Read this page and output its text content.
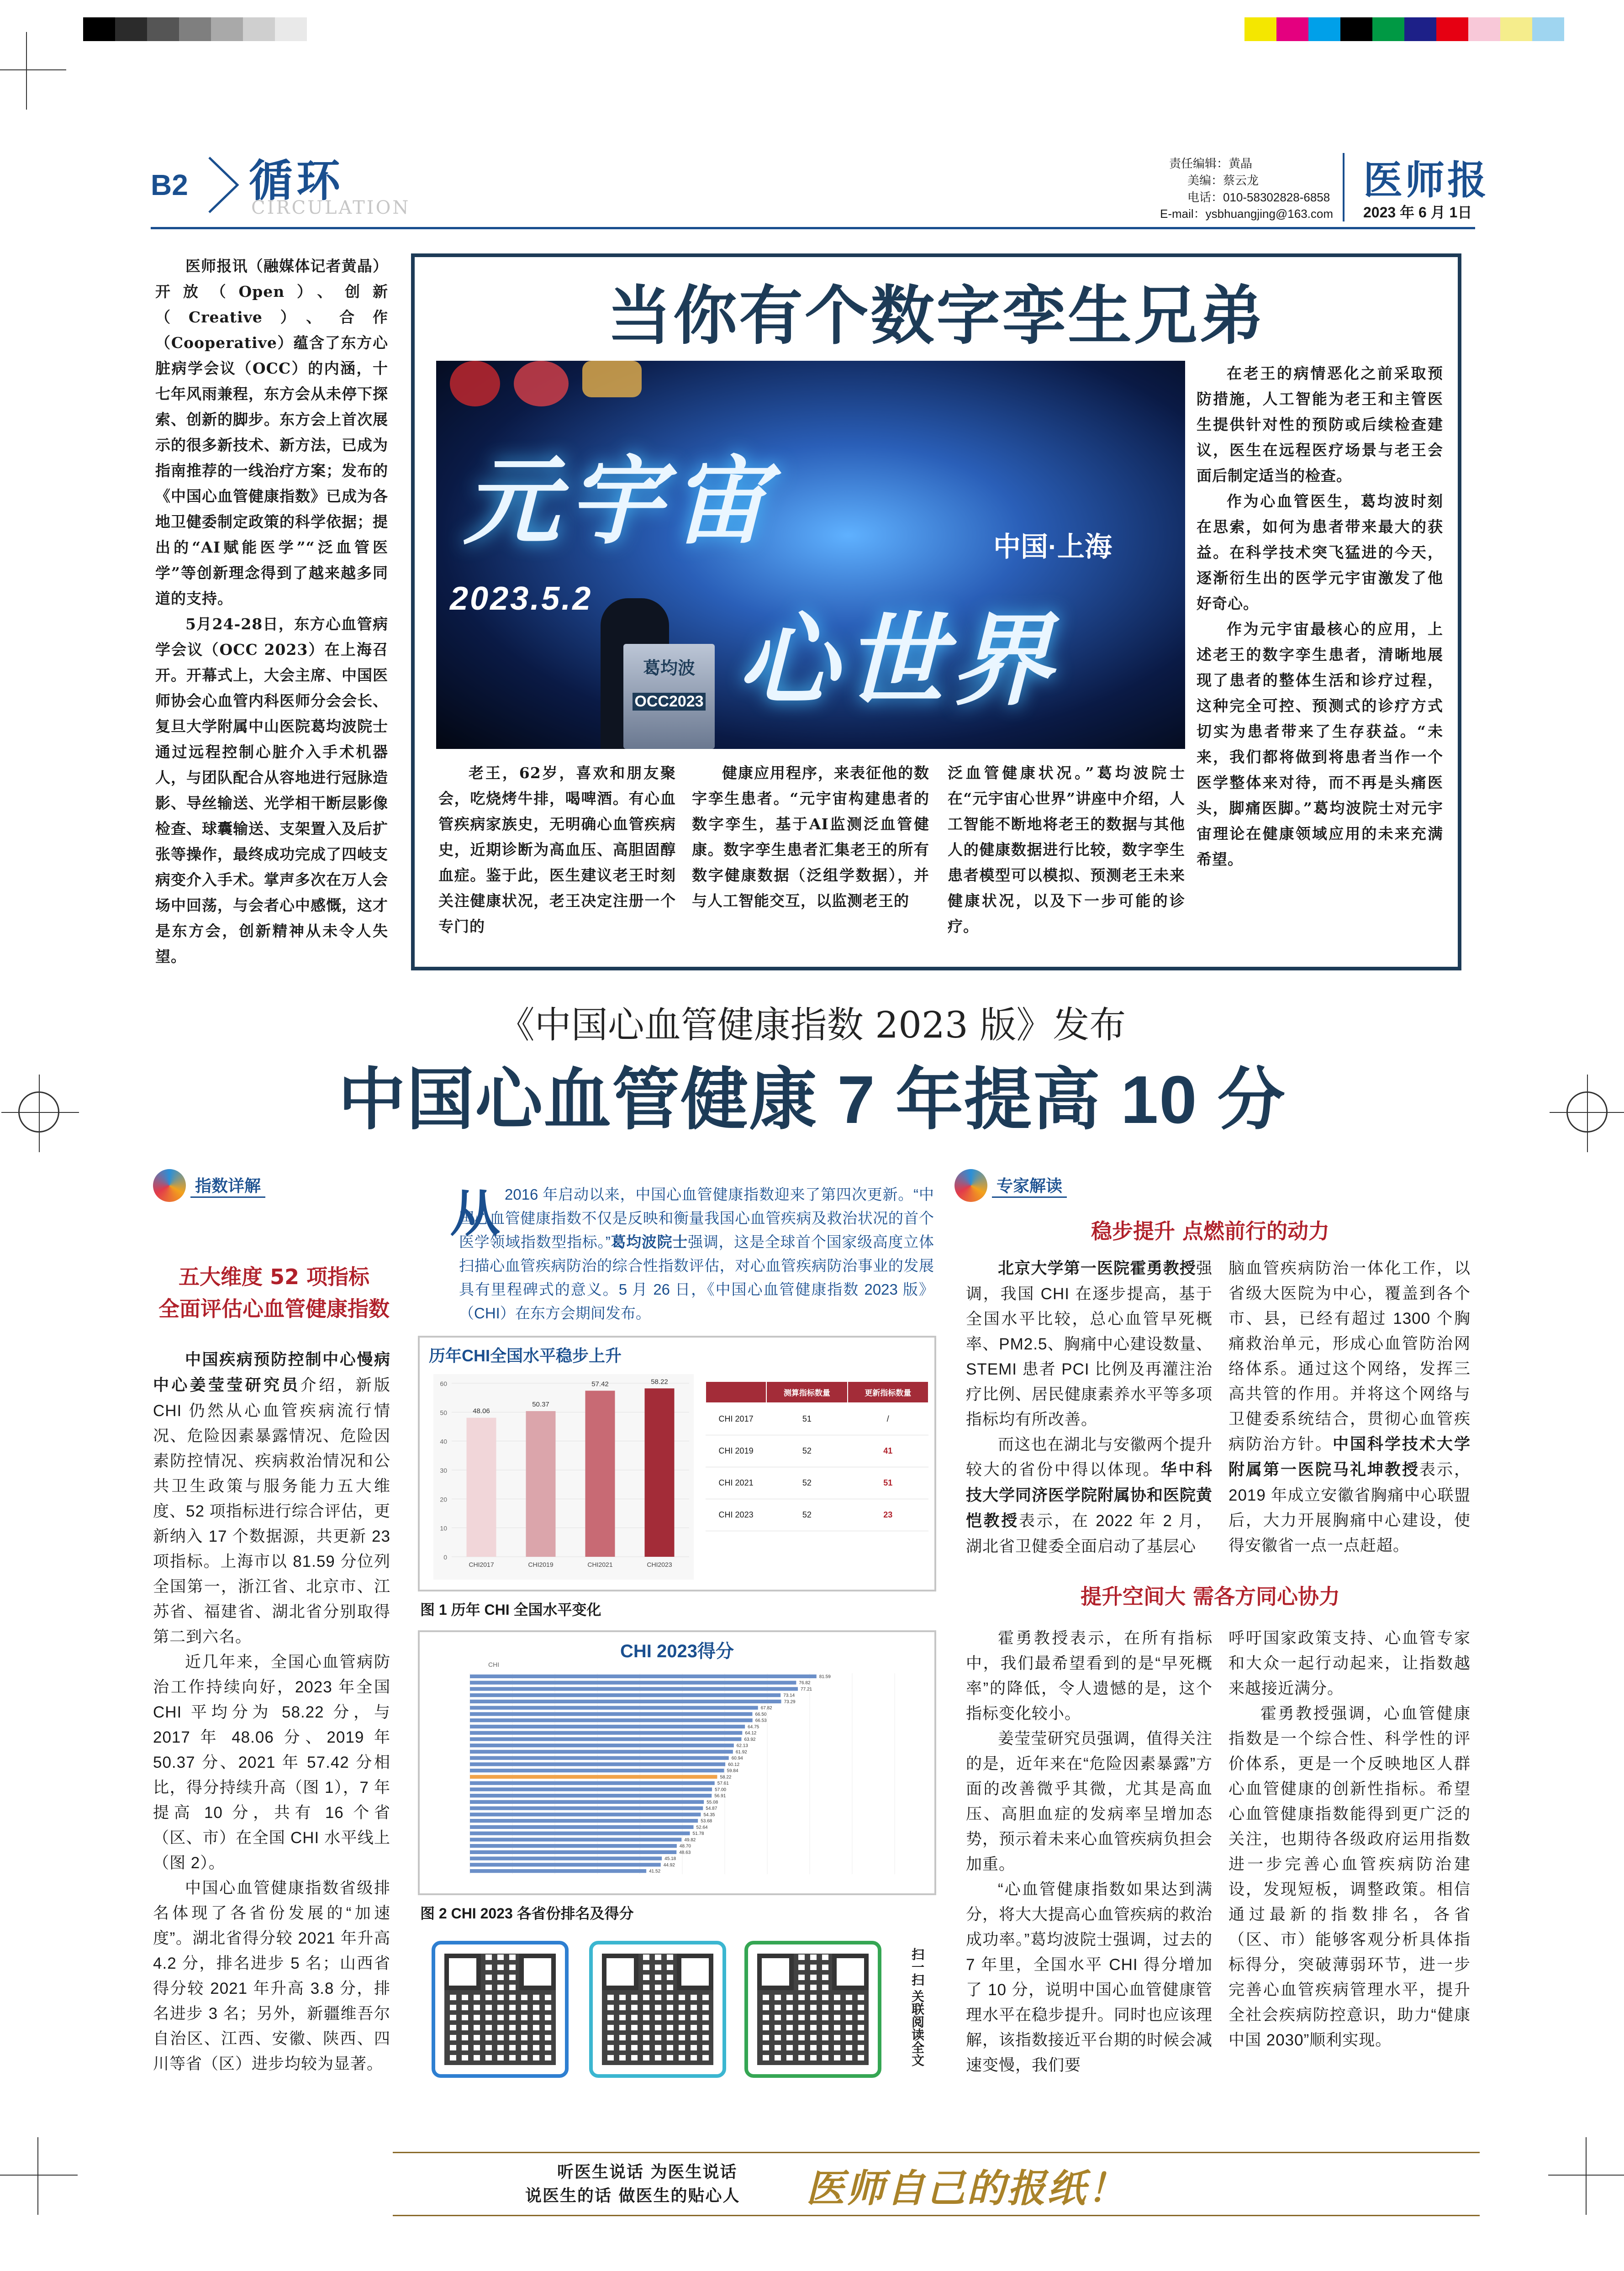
B2 循环
CIRCULATION
责任编辑：黄晶
美编：蔡云龙
电话：010-58302828-6858
E-mail：ysbhuangjing@163.com
医师报
2023 年 6 月 1日

医师报讯（融媒体记者黄晶）开放（Open）、创新（Creative）、合作（Cooperative）蕴含了东方心脏病学会议（OCC）的内涵，十七年风雨兼程，东方会从未停下探索、创新的脚步。东方会上首次展示的很多新技术、新方法，已成为指南推荐的一线治疗方案；发布的《中国心血管健康指数》已成为各地卫健委制定政策的科学依据；提出的“AI赋能医学”“泛血管医学”等创新理念得到了越来越多同道的支持。

5月24-28日，东方心血管病学会议（OCC 2023）在上海召开。开幕式上，大会主席、中国医师协会心血管内科医师分会会长、复旦大学附属中山医院葛均波院士通过远程控制心脏介入手术机器人，与团队配合从容地进行冠脉造影、导丝输送、光学相干断层影像检查、球囊输送、支架置入及后扩张等操作，最终成功完成了四岐支病变介入手术。掌声多次在万人会场中回荡，与会者心中感慨，这才是东方会，创新精神从未令人失望。

当你有个数字孪生兄弟
元宇宙	中国·上海
2023.5.2
心世界
葛均波
OCC2023

在老王的病情恶化之前采取预防措施，人工智能为老王和主管医生提供针对性的预防或后续检查建议，医生在远程医疗场景与老王会面后制定适当的检查。

作为心血管医生，葛均波时刻在思索，如何为患者带来最大的获益。在科学技术突飞猛进的今天，逐渐衍生出的医学元宇宙激发了他好奇心。

作为元宇宙最核心的应用，上述老王的数字孪生患者，清晰地展现了患者的整体生活和诊疗过程，这种完全可控、预测式的诊疗方式切实为患者带来了生存获益。“未来，我们都将做到将患者当作一个医学整体来对待，而不再是头痛医头，脚痛医脚。”葛均波院士对元宇宙理论在健康领域应用的未来充满希望。

老王，62岁，喜欢和朋友聚会，吃烧烤牛排，喝啤酒。有心血管疾病家族史，无明确心血管疾病史，近期诊断为高血压、高胆固醇血症。鉴于此，医生建议老王时刻关注健康状况，老王决定注册一个专门的
健康应用程序，来表征他的数字孪生患者。“元宇宙构建患者的数字孪生，基于AI监测泛血管健康。数字孪生患者汇集老王的所有数字健康数据（泛组学数据），并与人工智能交互，以监测老王的
泛血管健康状况。”葛均波院士在“元宇宙心世界”讲座中介绍，人工智能不断地将老王的数据与其他人的健康数据进行比较，数字孪生患者模型可以模拟、预测老王未来健康状况，以及下一步可能的诊疗。
《中国心血管健康指数 2023 版》发布
中国心血管健康 7 年提高 10 分
指数详解
五大维度 52 项指标
全面评估心血管健康指数

中国疾病预防控制中心慢病中心姜莹莹研究员介绍，新版 CHI 仍然从心血管疾病流行情况、危险因素暴露情况、危险因素防控情况、疾病救治情况和公共卫生政策与服务能力五大维度、52 项指标进行综合评估，更新纳入 17 个数据源，共更新 23 项指标。上海市以 81.59 分位列全国第一，浙江省、北京市、江苏省、福建省、湖北省分别取得第二到六名。

近几年来，全国心血管病防治工作持续向好，2023 年全国 CHI 平均分为 58.22 分，与 2017 年 48.06 分、2019 年 50.37 分、2021 年 57.42 分相比，得分持续升高（图 1），7 年提高 10 分，共有 16 个省（区、市）在全国 CHI 水平线上（图 2）。

中国心血管健康指数省级排名体现了各省份发展的“加速度”。湖北省得分较 2021 年升高 4.2 分，排名进步 5 名；山西省得分较 2021 年升高 3.8 分，排名进步 3 名；另外，新疆维吾尔自治区、江西、安徽、陕西、四川等省（区）进步均较为显著。

从 2016 年启动以来，中国心血管健康指数迎来了第四次更新。“中国心血管健康指数不仅是反映和衡量我国心血管疾病及救治状况的首个医学领域指数型指标。”葛均波院士强调，这是全球首个国家级高度立体扫描心血管疾病防治的综合性指数评估，对心血管疾病防治事业的发展具有里程碑式的意义。5 月 26 日，《中国心血管健康指数 2023 版》（CHI）在东方会期间发布。
历年CHI全国水平稳步上升
0
10
20
30
40
50
60
48.06
CHI2017
50.37
CHI2019
57.42
CHI2021
58.22
CHI2023
	测算指标数量	更新指标数量
CHI 2017	51	/
CHI 2019	52	41
CHI 2021	52	51
CHI 2023	52	23
图 1 历年 CHI 全国水平变化
CHI 2023得分
CHI
81.59
76.82
77.21
73.14
73.29
67.82
66.50
66.53
64.75
64.12
63.92
62.13
61.92
60.94
60.12
59.84
58.22
57.61
57.00
56.91
55.08
54.87
54.35
53.68
52.64
51.78
49.82
48.70
48.63
45.18
44.92
41.52
图 2 CHI 2023 各省份排名及得分
扫一扫 关联阅读全文
专家解读
稳步提升 点燃前行的动力

北京大学第一医院霍勇教授强调，我国 CHI 在逐步提高，基于全国水平比较，总心血管早死概率、PM2.5、胸痛中心建设数量、STEMI 患者 PCI 比例及再灌注治疗比例、居民健康素养水平等多项指标均有所改善。

而这也在湖北与安徽两个提升较大的省份中得以体现。华中科技大学同济医学院附属协和医院黄恺教授表示，在 2022 年 2 月，湖北省卫健委全面启动了基层心

脑血管疾病防治一体化工作，以省级大医院为中心，覆盖到各个市、县，已经有超过 1300 个胸痛救治单元，形成心血管防治网络体系。通过这个网络，发挥三高共管的作用。并将这个网络与卫健委系统结合，贯彻心血管疾病防治方针。中国科学技术大学附属第一医院马礼坤教授表示，2019 年成立安徽省胸痛中心联盟后，大力开展胸痛中心建设，使得安徽省一点一点赶超。

提升空间大 需各方同心协力

霍勇教授表示，在所有指标中，我们最希望看到的是“早死概率”的降低，令人遗憾的是，这个指标变化较小。

姜莹莹研究员强调，值得关注的是，近年来在“危险因素暴露”方面的改善微乎其微，尤其是高血压、高胆血症的发病率呈增加态势，预示着未来心血管疾病负担会加重。

“心血管健康指数如果达到满分，将大大提高心血管疾病的救治成功率。”葛均波院士强调，过去的 7 年里，全国水平 CHI 得分增加了 10 分，说明中国心血管健康管理水平在稳步提升。同时也应该理解，该指数接近平台期的时候会减速变慢，我们要

呼吁国家政策支持、心血管专家和大众一起行动起来，让指数越来越接近满分。

霍勇教授强调，心血管健康指数是一个综合性、科学性的评价体系，更是一个反映地区人群心血管健康的创新性指标。希望心血管健康指数能得到更广泛的关注，也期待各级政府运用指数进一步完善心血管疾病防治建设，发现短板，调整政策。相信通过最新的指数排名，各省（区、市）能够客观分析具体指标得分，突破薄弱环节，进一步完善心血管疾病管理水平，提升全社会疾病防控意识，助力“健康中国 2030”顺利实现。

听医生说话 为医生说话
说医生的话 做医生的贴心人 医师自己的报纸！
